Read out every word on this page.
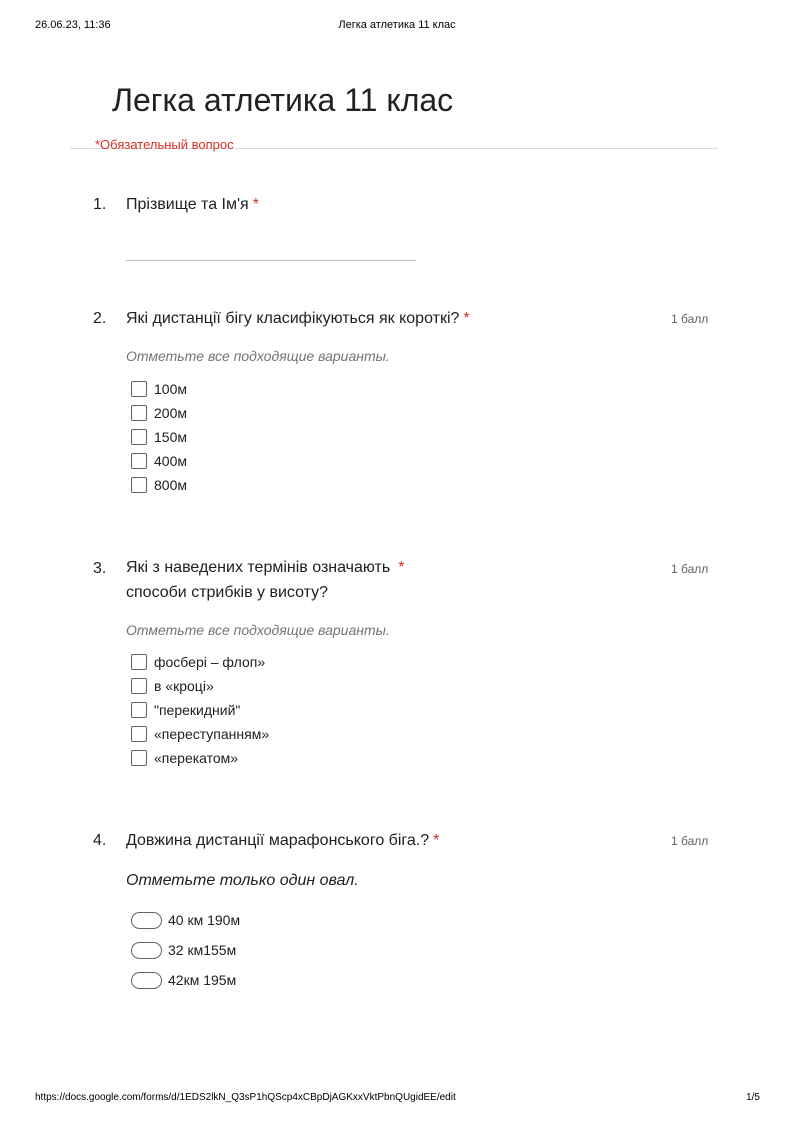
26.06.23, 11:36	Легка атлетика 11 клас
Легка атлетика 11 клас
*Обязательный вопрос
1. Прізвище та Ім'я *
2. Які дистанції бігу класифікуються як короткі? *	1 балл
Отметьте все подходящие варианты.
100м
200м
150м
400м
800м
3. Які з наведених термінів означають *
способи стрибків у висоту?
1 балл
Отметьте все подходящие варианты.
фосбері – флоп»
в «кроці»
"перекидний"
«переступанням»
«перекатом»
4. Довжина дистанції марафонського біга.? *	1 балл
Отметьте только один овал.
40 км 190м
32 км155м
42км 195м
https://docs.google.com/forms/d/1EDS2lkN_Q3sP1hQScp4xCBpDjAGKxxVktPbnQUgidEE/edit	1/5
